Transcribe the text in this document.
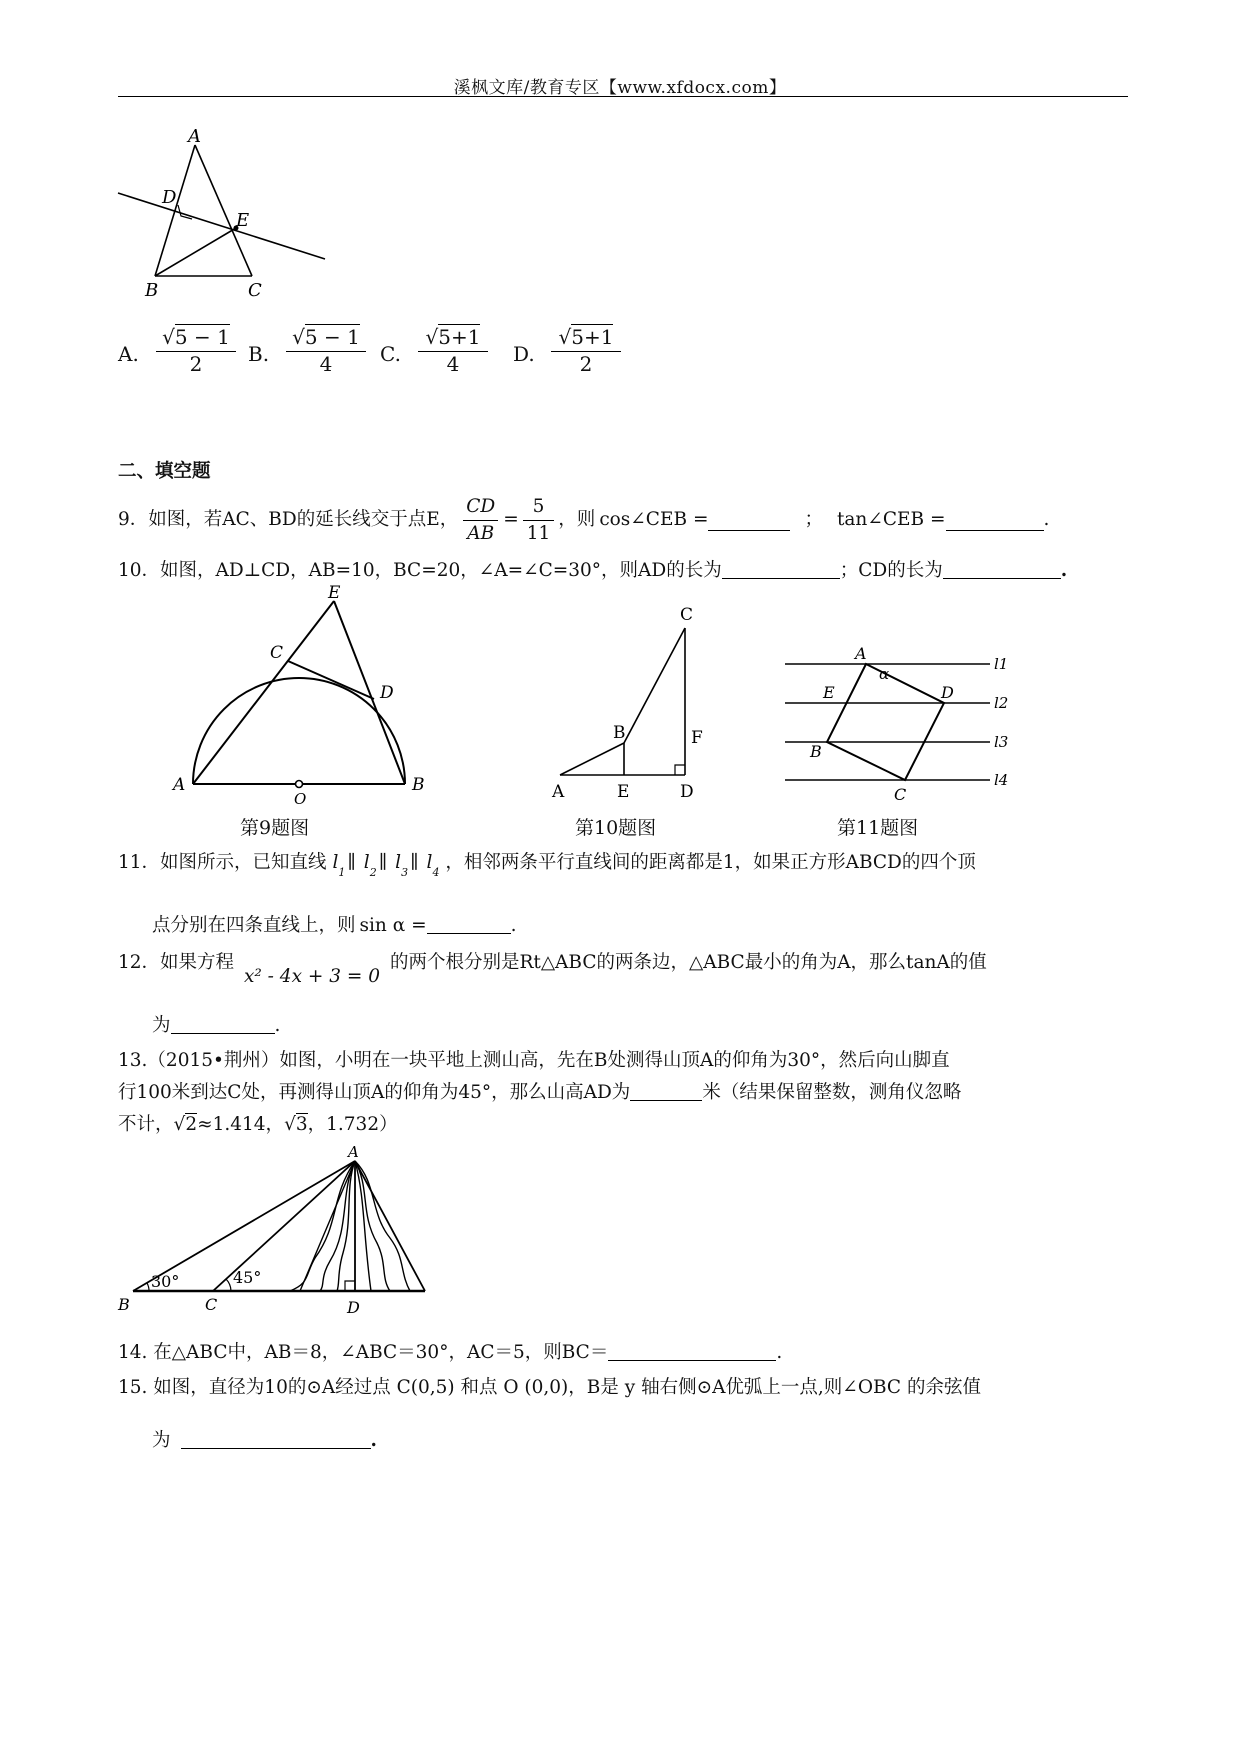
溪枫文库/教育专区【www.xfdocx.com】
A
D
E
B	C
A.
√5 − 1
2	B.
√5 − 1
4	C.
√5+1
4	D.
√5+1
2
二、填空题
9．如图，若AC、BD的延长线交于点E， $\frac{CD}{AB} = \frac{5}{11}$ ，则 cos∠CEB =	； tan∠CEB =	.
10．如图，AD⊥CD，AB=10，BC=20，∠A=∠C=30°，则AD的长为	；CD的长为	.
A	B
C
D
E
O
第9题图
A
B
C
D
E
F
第10题图
A
B
C
D
E
α
l1
l2
l3
l4
第11题图
11．如图所示，已知直线 $l_1$ ∥ $l_2$ ∥ $l_3$ ∥ $l_4$ ，相邻两条平行直线间的距离都是1，如果正方形ABCD的四个顶
点分别在四条直线上，则 sin α =	.
12．如果方程 x² - 4x + 3 = 0 的两个根分别是Rt△ABC的两条边，△ABC最小的角为A，那么tanA的值
为	.
13.（2015•荆州）如图，小明在一块平地上测山高，先在B处测得山顶A的仰角为30°，然后向山脚直
行100米到达C处，再测得山顶A的仰角为45°，那么山高AD为	米（结果保留整数，测角仪忽略
不计，√2≈1.414，√3，1.732）
A
B	C	D
30°	45°
14. 在△ABC中，AB＝8，∠ABC＝30°，AC＝5，则BC＝	.
15. 如图，直径为10的⊙A经过点 C(0,5) 和点 O (0,0)，B是 y 轴右侧⊙A优弧上一点,则∠OBC 的余弦值
为	.
